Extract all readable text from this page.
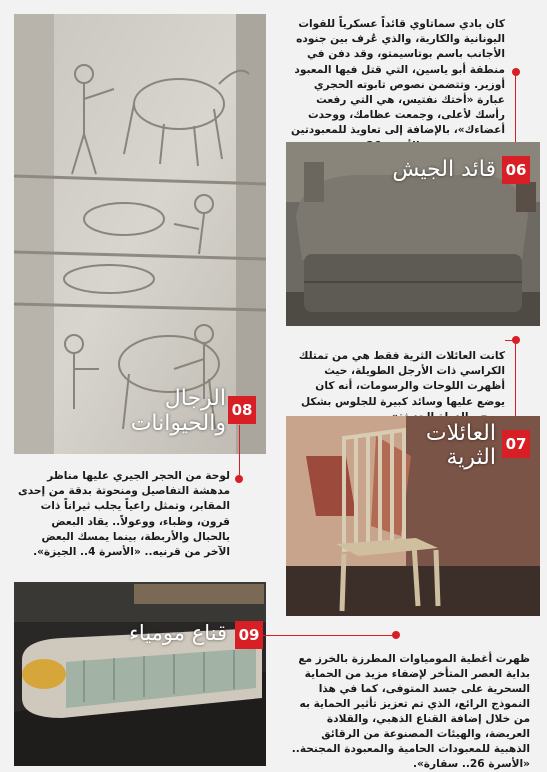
08
الرجال
والحيوانات
كان بادي سماتاوي قائداً عسكرياً للقوات اليونانية والكارية، والذي عُرف بين جنوده الأجانب باسم بوتاسيمتو، وقد دفن في منطقة أبو ياسين، التي قتل فيها المعبود أوزير. وتتضمن نصوص تابوته الحجري عبارة «أختك نفتيس، هي التي رفعت رأسك لأعلى، وجمعت عظامك، ووحدت أعضاءك»، بالإضافة إلى تعاويذ للمعبودتين
06
قائد الجيش
كانت العائلات الثرية فقط هي من تمتلك الكراسي ذات الأرجل الطويلة، حيث أظهرت اللوحات والرسومات، أنه كان يوضع عليها وسائد كبيرة للجلوس بشكل
07
العائلات
الثرية
لوحة من الحجر الجيري عليها مناظر مدهشة التفاصيل ومنحوتة بدقة من إحدى المقابر، وتمثل راعياً يجلب ثيراناً ذات قرون، وظباء، ووعولاً.. يقاد البعض بالحبال والأربطة، بينما يمسك البعض الآخر من قرنيه.. «الأسرة 4.. الجيزة».
قناع مومياء 09
ظهرت أغطية المومياوات المطرزة بالخرز مع بداية العصر المتأخر لإضفاء مزيد من الحماية السحرية على جسد المتوفى، كما في هذا النموذج الرائع، الذي تم تعزيز تأثير الحماية به من خلال إضافة القناع الذهبي، والقلادة العريضة، والهيئات المصنوعة من الرقائق الذهبية للمعبودات الحامية والمعبودة المجنحة.. «الأسرة 26.. سقارة».
